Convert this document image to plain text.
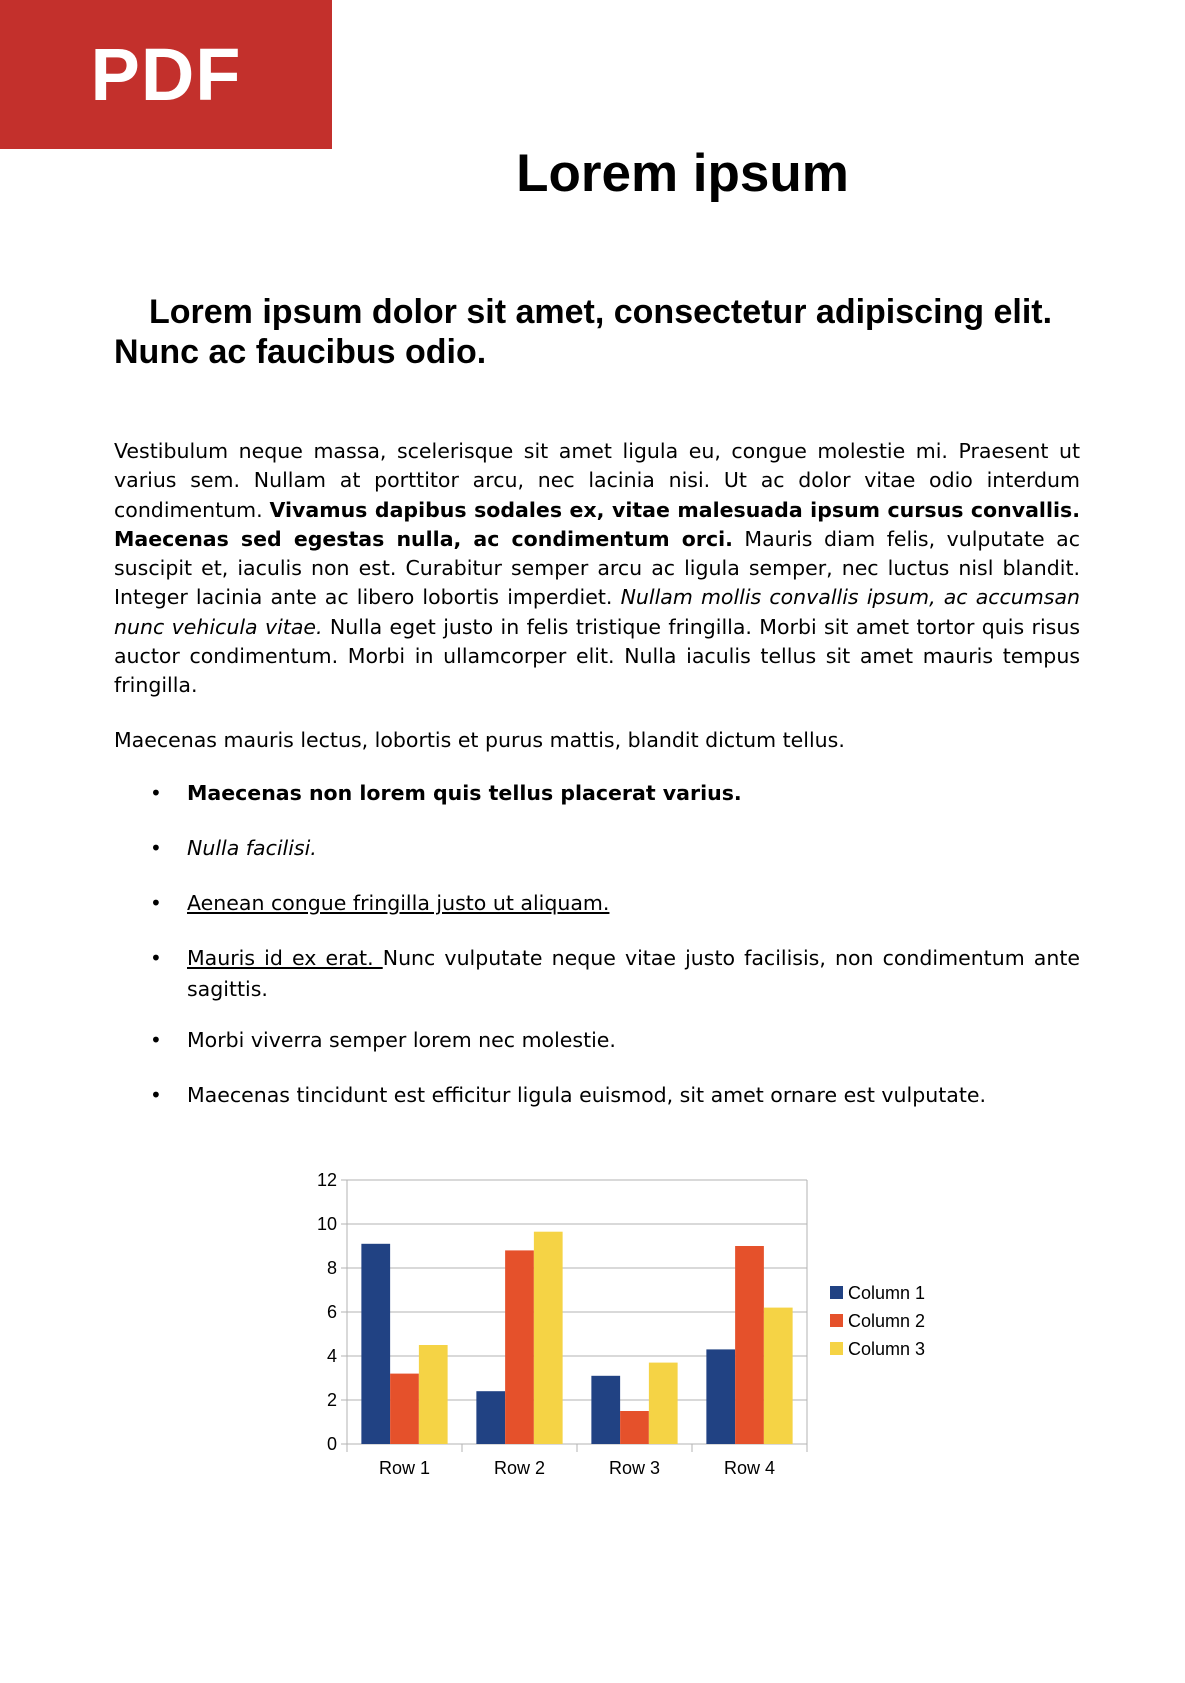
PDF
Lorem ipsum
Lorem ipsum dolor sit amet, consectetur adipiscing elit. Nunc ac faucibus odio.

Vestibulum neque massa, scelerisque sit amet ligula eu, congue molestie mi. Praesent ut varius sem. Nullam at porttitor arcu, nec lacinia nisi. Ut ac dolor vitae odio interdum condimentum. Vivamus dapibus sodales ex, vitae malesuada ipsum cursus convallis. Maecenas sed egestas nulla, ac condimentum orci. Mauris diam felis, vulputate ac suscipit et, iaculis non est. Curabitur semper arcu ac ligula semper, nec luctus nisl blandit. Integer lacinia ante ac libero lobortis imperdiet. Nullam mollis convallis ipsum, ac accumsan nunc vehicula vitae. Nulla eget justo in felis tristique fringilla. Morbi sit amet tortor quis risus auctor condimentum. Morbi in ullamcorper elit. Nulla iaculis tellus sit amet mauris tempus fringilla.

Maecenas mauris lectus, lobortis et purus mattis, blandit dictum tellus.

• Maecenas non lorem quis tellus placerat varius.
• Nulla facilisi.
• Aenean congue fringilla justo ut aliquam.
• Mauris id ex erat. Nunc vulputate neque vitae justo facilisis, non condimentum ante sagittis.
• Morbi viverra semper lorem nec molestie.
• Maecenas tincidunt est efficitur ligula euismod, sit amet ornare est vulputate.
0
2
4
6
8
10
12
Row 1	Row 2	Row 3	Row 4
Column 1
Column 2
Column 3
